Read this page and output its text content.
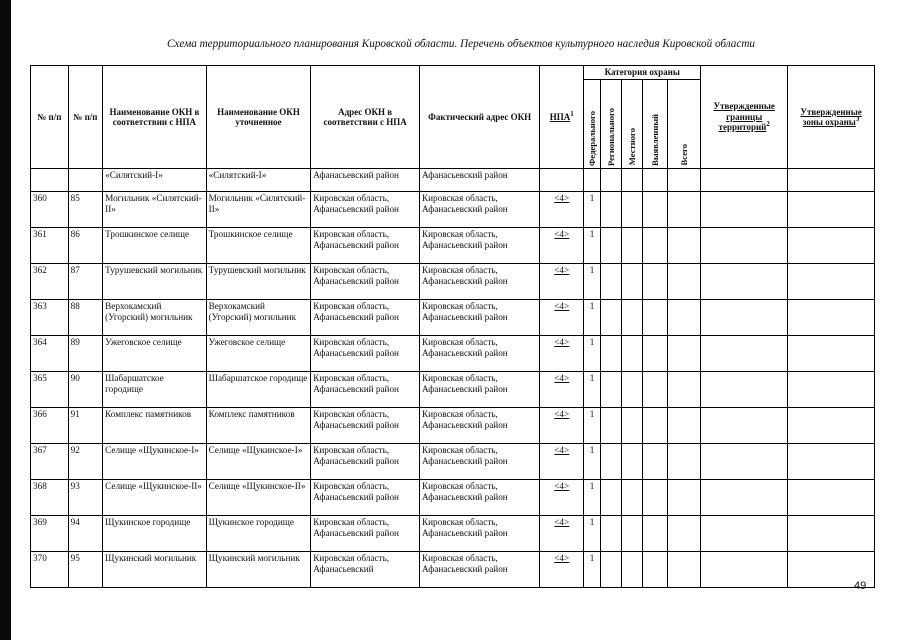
Схема территориального планирования Кировской области. Перечень объектов культурного наследия Кировской области
№ п/п	№ п/п	Наименование ОКН в соответствии с НПА	Наименование ОКН уточненное	Адрес ОКН в соответствии с НПА	Фактический адрес ОКН	НПА$^1$	Категория охраны					Утвержденные границы территорий$^2$	Утвержденные зоны охраны$^3$
							Федерального	Регионального	Местного	Выявленный	Всего		
		«Силятский-I»	«Силятский-I»	Афанасьевский район	Афанасьевский район								
360	85	Могильник «Силятский-II»	Могильник «Силятский-II»	Кировская область, Афанасьевский район	Кировская область, Афанасьевский район	<4>	1						
361	86	Трошкинское селище	Трошкинское селище	Кировская область, Афанасьевский район	Кировская область, Афанасьевский район	<4>	1						
362	87	Турушевский могильник	Турушевский могильник	Кировская область, Афанасьевский район	Кировская область, Афанасьевский район	<4>	1						
363	88	Верхокамский (Угорский) могильник	Верхокамский (Угорский) могильник	Кировская область, Афанасьевский район	Кировская область, Афанасьевский район	<4>	1						
364	89	Ужеговское селище	Ужеговское селище	Кировская область, Афанасьевский район	Кировская область, Афанасьевский район	<4>	1						
365	90	Шабаршатское городище	Шабаршатское городище	Кировская область, Афанасьевский район	Кировская область, Афанасьевский район	<4>	1						
366	91	Комплекс памятников	Комплекс памятников	Кировская область, Афанасьевский район	Кировская область, Афанасьевский район	<4>	1						
367	92	Селище «Щукинское-I»	Селище «Щукинское-I»	Кировская область, Афанасьевский район	Кировская область, Афанасьевский район	<4>	1						
368	93	Селище «Щукинское-II»	Селище «Щукинское-II»	Кировская область, Афанасьевский район	Кировская область, Афанасьевский район	<4>	1						
369	94	Щукинское городище	Щукинское городище	Кировская область, Афанасьевский район	Кировская область, Афанасьевский район	<4>	1						
370	95	Щукинский могильник	Щукинский могильник	Кировская область, Афанасьевский	Кировская область, Афанасьевский район	<4>	1						
49
